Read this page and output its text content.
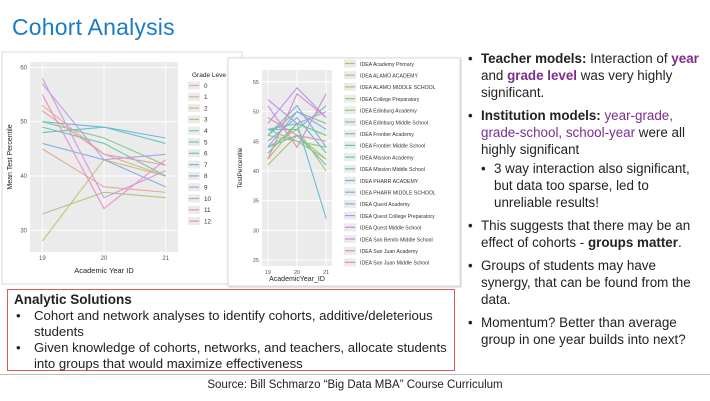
Cohort Analysis
30
40
50
60
19	20	21
0
1
2
3
4
5
6
7
8
9
10
11
12
Academic Year ID
Mean Test Percentile
Grade Leve
25
30
35
40
45
50
55
19	20	21
IDEA Academy Primary
IDEA ALAMO ACADEMY
IDEA ALAMO MIDDLE SCHOOL
IDEA College Preparatory
IDEA Edinburg Academy
IDEA Edinburg Middle School
IDEA Frontier Academy
IDEA Frontier Middle School
IDEA Mission Academy
IDEA Mission Middle School
IDEA PHARR ACADEMY
IDEA PHARR MIDDLE SCHOOL
IDEA Quest Academy
IDEA Quest College Preparatory
IDEA Quest Middle School
IDEA San Benito Middle School
IDEA San Juan Academy
IDEA San Juan Middle School
AcademicYear_ID
TestPercentile
• Teacher models: Interaction of year and grade level was very highly significant.
• Institution models: year-grade, grade-school, school-year were all highly significant
• 3 way interaction also significant, but data too sparse, led to unreliable results!
• This suggests that there may be an effect of cohorts - groups matter.
• Groups of students may have synergy, that can be found from the data.
• Momentum? Better than average group in one year builds into next?
Analytic Solutions
• Cohort and network analyses to identify cohorts, additive/deleterious students
• Given knowledge of cohorts, networks, and teachers, allocate students into groups that would maximize effectiveness
Source: Bill Schmarzo “Big Data MBA” Course Curriculum
